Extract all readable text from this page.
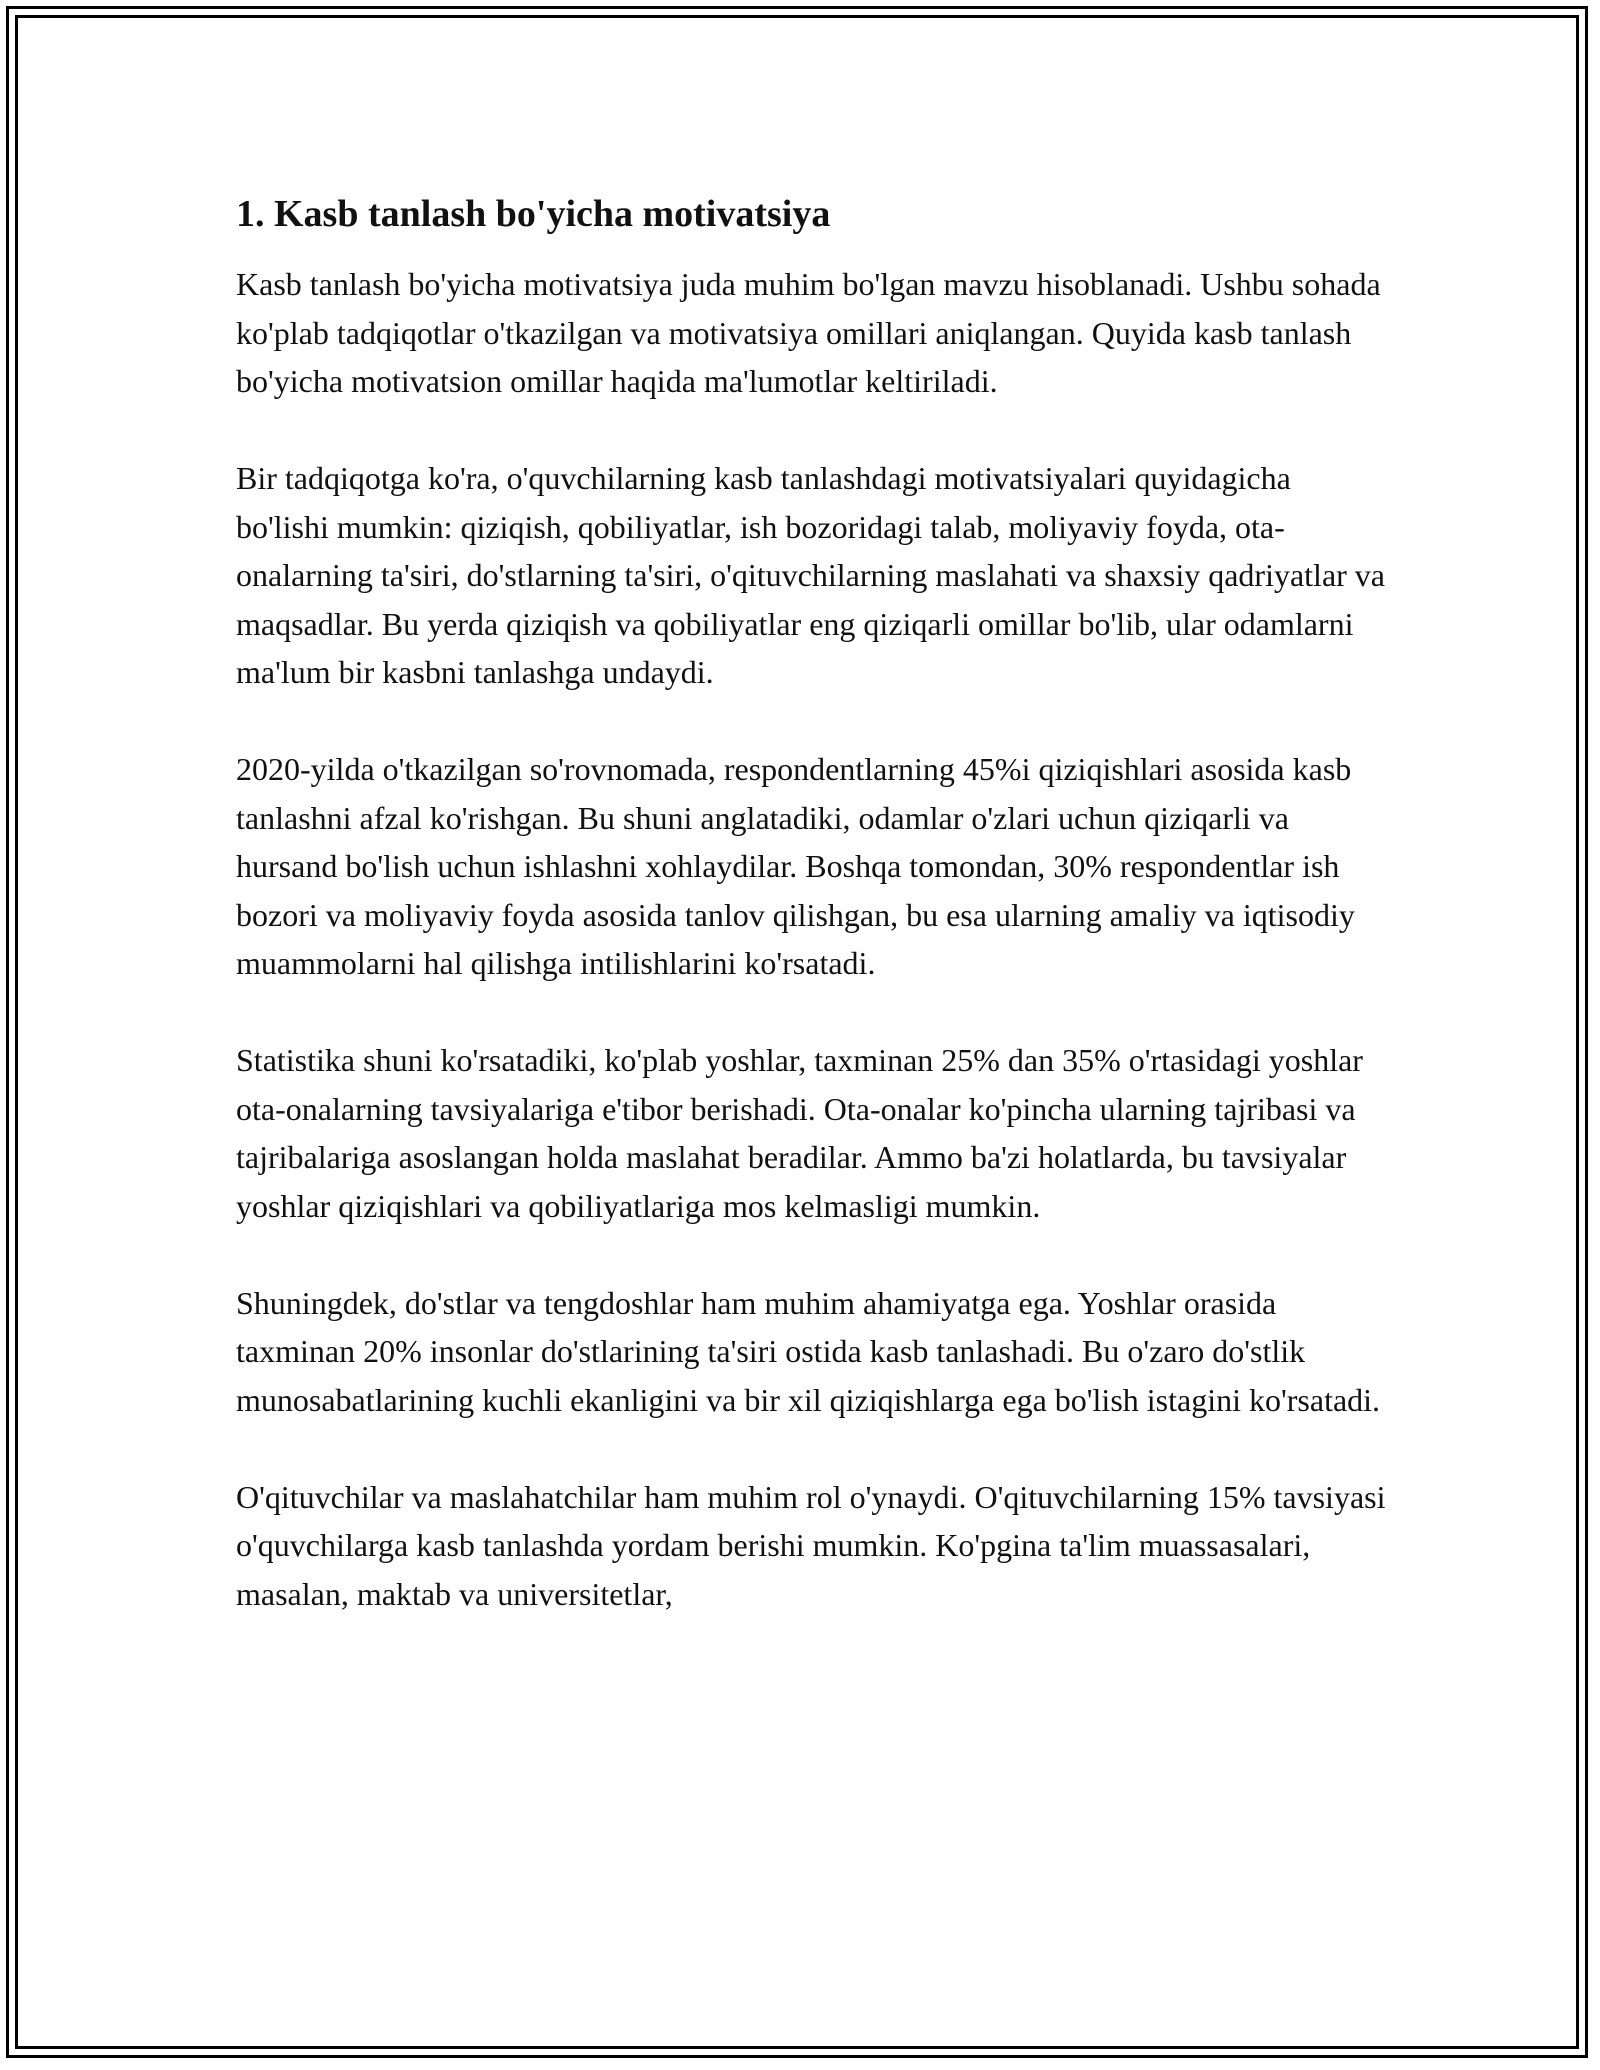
1. Kasb tanlash bo'yicha motivatsiya

Kasb tanlash bo'yicha motivatsiya juda muhim bo'lgan mavzu hisoblanadi. Ushbu sohada ko'plab tadqiqotlar o'tkazilgan va motivatsiya omillari aniqlangan. Quyida kasb tanlash bo'yicha motivatsion omillar haqida ma'lumotlar keltiriladi.

Bir tadqiqotga ko'ra, o'quvchilarning kasb tanlashdagi motivatsiyalari quyidagicha bo'lishi mumkin: qiziqish, qobiliyatlar, ish bozoridagi talab, moliyaviy foyda, ota-onalarning ta'siri, do'stlarning ta'siri, o'qituvchilarning maslahati va shaxsiy qadriyatlar va maqsadlar. Bu yerda qiziqish va qobiliyatlar eng qiziqarli omillar bo'lib, ular odamlarni ma'lum bir kasbni tanlashga undaydi.

2020-yilda o'tkazilgan so'rovnomada, respondentlarning 45%i qiziqishlari asosida kasb tanlashni afzal ko'rishgan. Bu shuni anglatadiki, odamlar o'zlari uchun qiziqarli va hursand bo'lish uchun ishlashni xohlaydilar. Boshqa tomondan, 30% respondentlar ish bozori va moliyaviy foyda asosida tanlov qilishgan, bu esa ularning amaliy va iqtisodiy muammolarni hal qilishga intilishlarini ko'rsatadi.

Statistika shuni ko'rsatadiki, ko'plab yoshlar, taxminan 25% dan 35% o'rtasidagi yoshlar ota-onalarning tavsiyalariga e'tibor berishadi. Ota-onalar ko'pincha ularning tajribasi va tajribalariga asoslangan holda maslahat beradilar. Ammo ba'zi holatlarda, bu tavsiyalar yoshlar qiziqishlari va qobiliyatlariga mos kelmasligi mumkin.

Shuningdek, do'stlar va tengdoshlar ham muhim ahamiyatga ega. Yoshlar orasida taxminan 20% insonlar do'stlarining ta'siri ostida kasb tanlashadi. Bu o'zaro do'stlik munosabatlarining kuchli ekanligini va bir xil qiziqishlarga ega bo'lish istagini ko'rsatadi.

O'qituvchilar va maslahatchilar ham muhim rol o'ynaydi. O'qituvchilarning 15% tavsiyasi o'quvchilarga kasb tanlashda yordam berishi mumkin. Ko'pgina ta'lim muassasalari, masalan, maktab va universitetlar,
